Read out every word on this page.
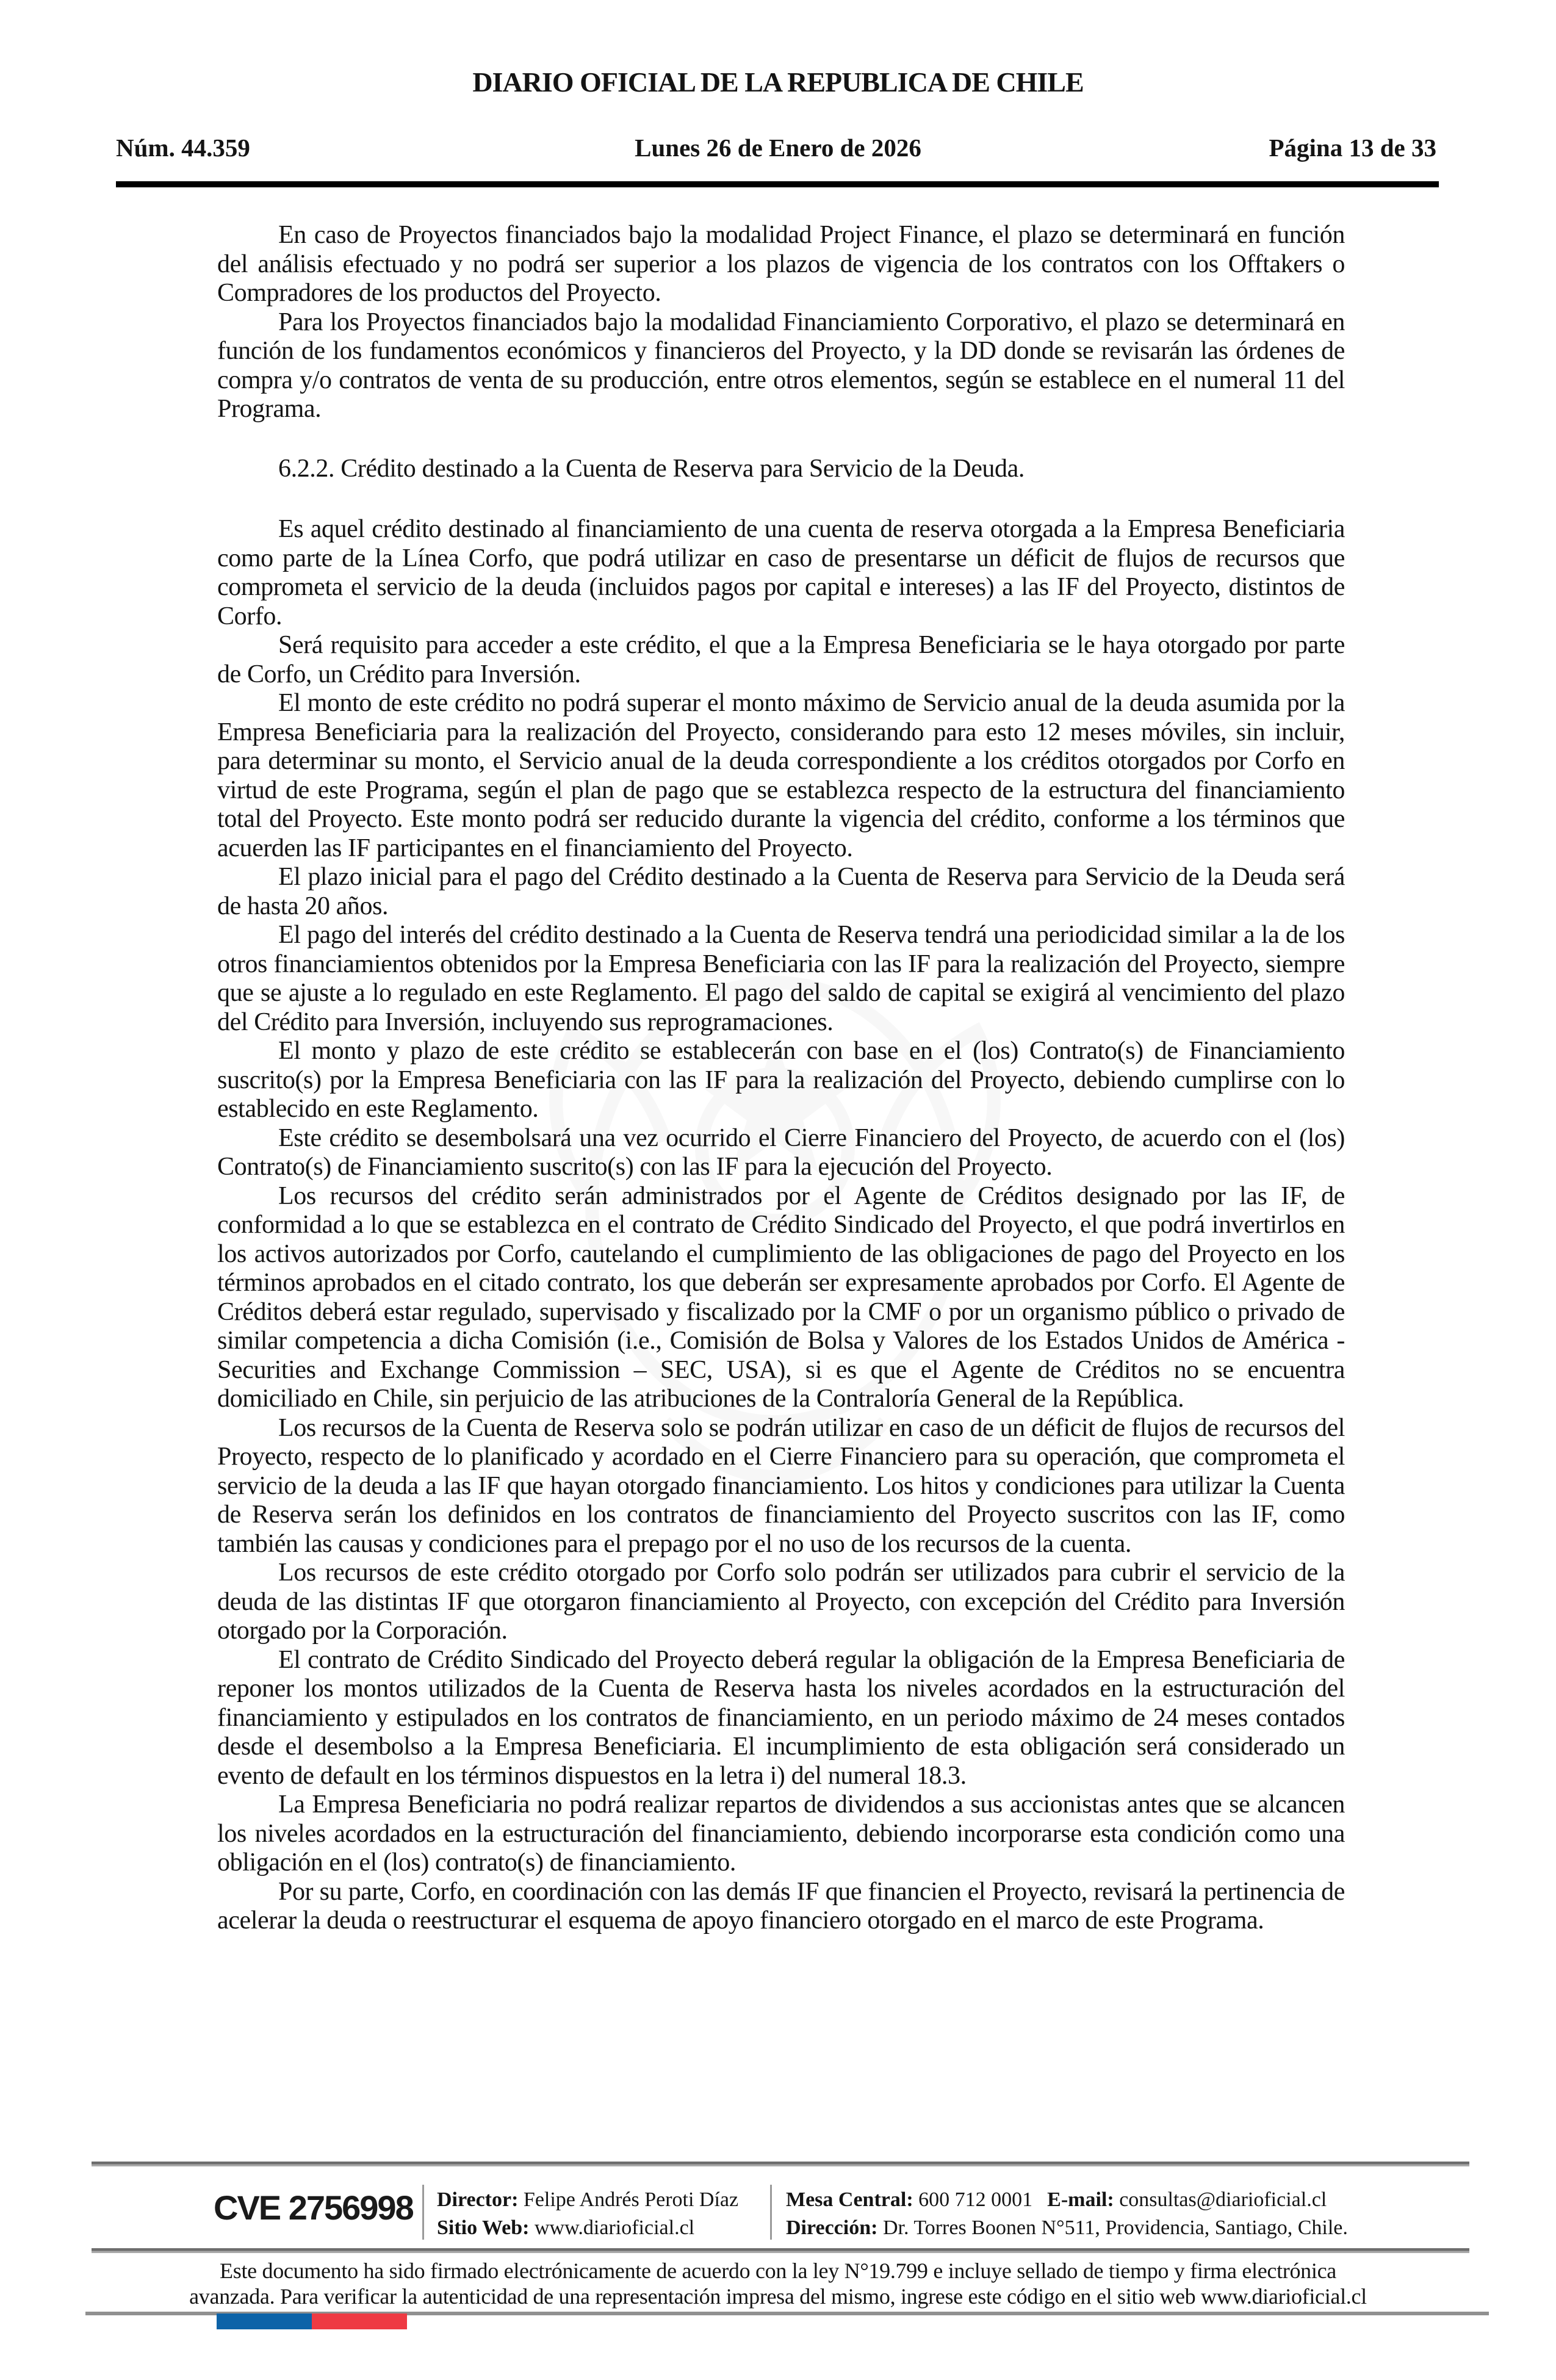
DIARIO OFICIAL DE LA REPUBLICA DE CHILE
Núm. 44.359	Lunes 26 de Enero de 2026	Página 13 de 33

En caso de Proyectos financiados bajo la modalidad Project Finance, el plazo se determinará en función del análisis efectuado y no podrá ser superior a los plazos de vigencia de los contratos con los Offtakers o Compradores de los productos del Proyecto.

Para los Proyectos financiados bajo la modalidad Financiamiento Corporativo, el plazo se determinará en función de los fundamentos económicos y financieros del Proyecto, y la DD donde se revisarán las órdenes de compra y/o contratos de venta de su producción, entre otros elementos, según se establece en el numeral 11 del Programa.

6.2.2. Crédito destinado a la Cuenta de Reserva para Servicio de la Deuda.

Es aquel crédito destinado al financiamiento de una cuenta de reserva otorgada a la Empresa Beneficiaria como parte de la Línea Corfo, que podrá utilizar en caso de presentarse un déficit de flujos de recursos que comprometa el servicio de la deuda (incluidos pagos por capital e intereses) a las IF del Proyecto, distintos de Corfo.

Será requisito para acceder a este crédito, el que a la Empresa Beneficiaria se le haya otorgado por parte de Corfo, un Crédito para Inversión.

El monto de este crédito no podrá superar el monto máximo de Servicio anual de la deuda asumida por la Empresa Beneficiaria para la realización del Proyecto, considerando para esto 12 meses móviles, sin incluir, para determinar su monto, el Servicio anual de la deuda correspondiente a los créditos otorgados por Corfo en virtud de este Programa, según el plan de pago que se establezca respecto de la estructura del financiamiento total del Proyecto. Este monto podrá ser reducido durante la vigencia del crédito, conforme a los términos que acuerden las IF participantes en el financiamiento del Proyecto.

El plazo inicial para el pago del Crédito destinado a la Cuenta de Reserva para Servicio de la Deuda será de hasta 20 años.

El pago del interés del crédito destinado a la Cuenta de Reserva tendrá una periodicidad similar a la de los otros financiamientos obtenidos por la Empresa Beneficiaria con las IF para la realización del Proyecto, siempre que se ajuste a lo regulado en este Reglamento. El pago del saldo de capital se exigirá al vencimiento del plazo del Crédito para Inversión, incluyendo sus reprogramaciones.

El monto y plazo de este crédito se establecerán con base en el (los) Contrato(s) de Financiamiento suscrito(s) por la Empresa Beneficiaria con las IF para la realización del Proyecto, debiendo cumplirse con lo establecido en este Reglamento.

Este crédito se desembolsará una vez ocurrido el Cierre Financiero del Proyecto, de acuerdo con el (los) Contrato(s) de Financiamiento suscrito(s) con las IF para la ejecución del Proyecto.

Los recursos del crédito serán administrados por el Agente de Créditos designado por las IF, de conformidad a lo que se establezca en el contrato de Crédito Sindicado del Proyecto, el que podrá invertirlos en los activos autorizados por Corfo, cautelando el cumplimiento de las obligaciones de pago del Proyecto en los términos aprobados en el citado contrato, los que deberán ser expresamente aprobados por Corfo. El Agente de Créditos deberá estar regulado, supervisado y fiscalizado por la CMF o por un organismo público o privado de similar competencia a dicha Comisión (i.e., Comisión de Bolsa y Valores de los Estados Unidos de América - Securities and Exchange Commission – SEC, USA), si es que el Agente de Créditos no se encuentra domiciliado en Chile, sin perjuicio de las atribuciones de la Contraloría General de la República.

Los recursos de la Cuenta de Reserva solo se podrán utilizar en caso de un déficit de flujos de recursos del Proyecto, respecto de lo planificado y acordado en el Cierre Financiero para su operación, que comprometa el servicio de la deuda a las IF que hayan otorgado financiamiento. Los hitos y condiciones para utilizar la Cuenta de Reserva serán los definidos en los contratos de financiamiento del Proyecto suscritos con las IF, como también las causas y condiciones para el prepago por el no uso de los recursos de la cuenta.

Los recursos de este crédito otorgado por Corfo solo podrán ser utilizados para cubrir el servicio de la deuda de las distintas IF que otorgaron financiamiento al Proyecto, con excepción del Crédito para Inversión otorgado por la Corporación.

El contrato de Crédito Sindicado del Proyecto deberá regular la obligación de la Empresa Beneficiaria de reponer los montos utilizados de la Cuenta de Reserva hasta los niveles acordados en la estructuración del financiamiento y estipulados en los contratos de financiamiento, en un periodo máximo de 24 meses contados desde el desembolso a la Empresa Beneficiaria. El incumplimiento de esta obligación será considerado un evento de default en los términos dispuestos en la letra i) del numeral 18.3.

La Empresa Beneficiaria no podrá realizar repartos de dividendos a sus accionistas antes que se alcancen los niveles acordados en la estructuración del financiamiento, debiendo incorporarse esta condición como una obligación en el (los) contrato(s) de financiamiento.

Por su parte, Corfo, en coordinación con las demás IF que financien el Proyecto, revisará la pertinencia de acelerar la deuda o reestructurar el esquema de apoyo financiero otorgado en el marco de este Programa.

CVE 2756998 Director: Felipe Andrés Peroti Díaz
Sitio Web: www.diarioficial.cl
Mesa Central: 600 712 0001 E-mail: consultas@diarioficial.cl
Dirección: Dr. Torres Boonen N°511, Providencia, Santiago, Chile.
Este documento ha sido firmado electrónicamente de acuerdo con la ley N°19.799 e incluye sellado de tiempo y firma electrónica
avanzada. Para verificar la autenticidad de una representación impresa del mismo, ingrese este código en el sitio web www.diarioficial.cl
